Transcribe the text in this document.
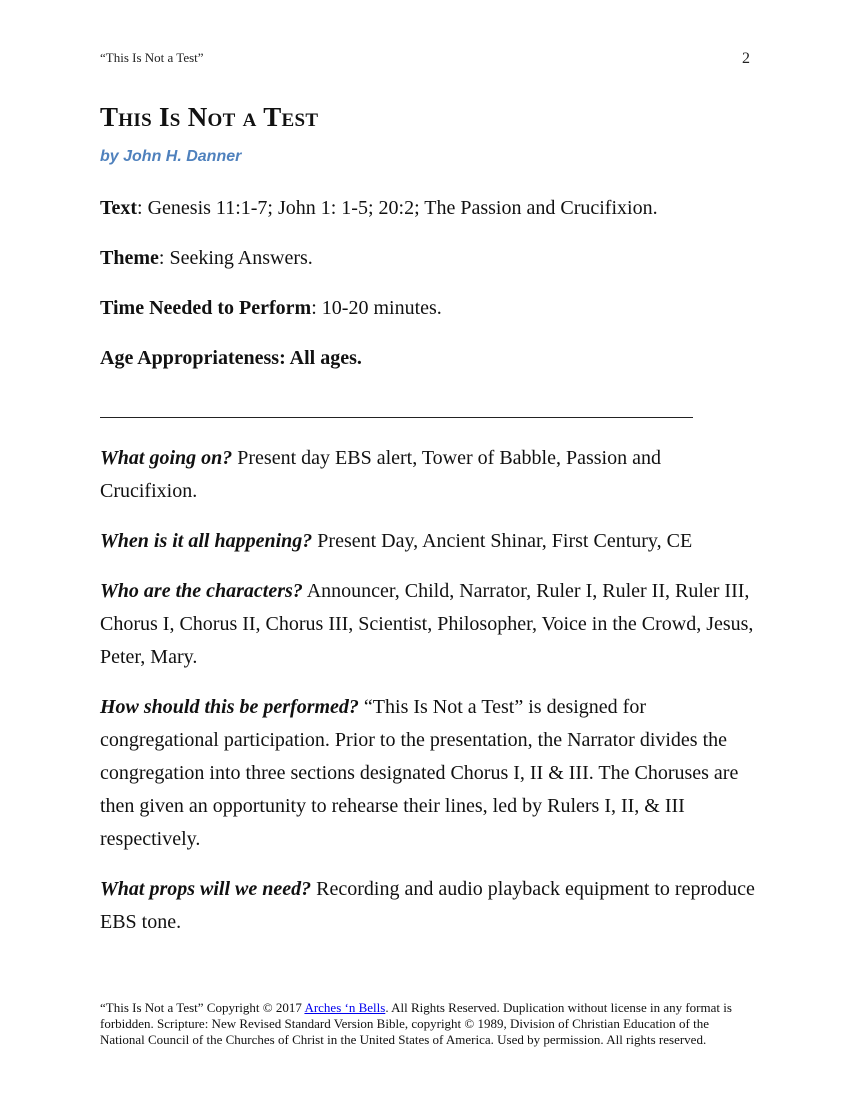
“This Is Not a Test”	2
This Is Not a Test
by John H. Danner

Text: Genesis 11:1-7; John 1: 1-5; 20:2; The Passion and Crucifixion.

Theme: Seeking Answers.

Time Needed to Perform: 10-20 minutes.

Age Appropriateness: All ages.

What going on? Present day EBS alert, Tower of Babble, Passion and Crucifixion.

When is it all happening? Present Day, Ancient Shinar, First Century, CE

Who are the characters? Announcer, Child, Narrator, Ruler I, Ruler II, Ruler III, Chorus I, Chorus II, Chorus III, Scientist, Philosopher, Voice in the Crowd, Jesus, Peter, Mary.

How should this be performed? “This Is Not a Test” is designed for congregational participation. Prior to the presentation, the Narrator divides the congregation into three sections designated Chorus I, II & III. The Choruses are then given an opportunity to rehearse their lines, led by Rulers I, II, & III respectively.

What props will we need? Recording and audio playback equipment to reproduce EBS tone.

“This Is Not a Test” Copyright © 2017 Arches ‘n Bells. All Rights Reserved. Duplication without license in any format is forbidden. Scripture: New Revised Standard Version Bible, copyright © 1989, Division of Christian Education of the National Council of the Churches of Christ in the United States of America. Used by permission. All rights reserved.
